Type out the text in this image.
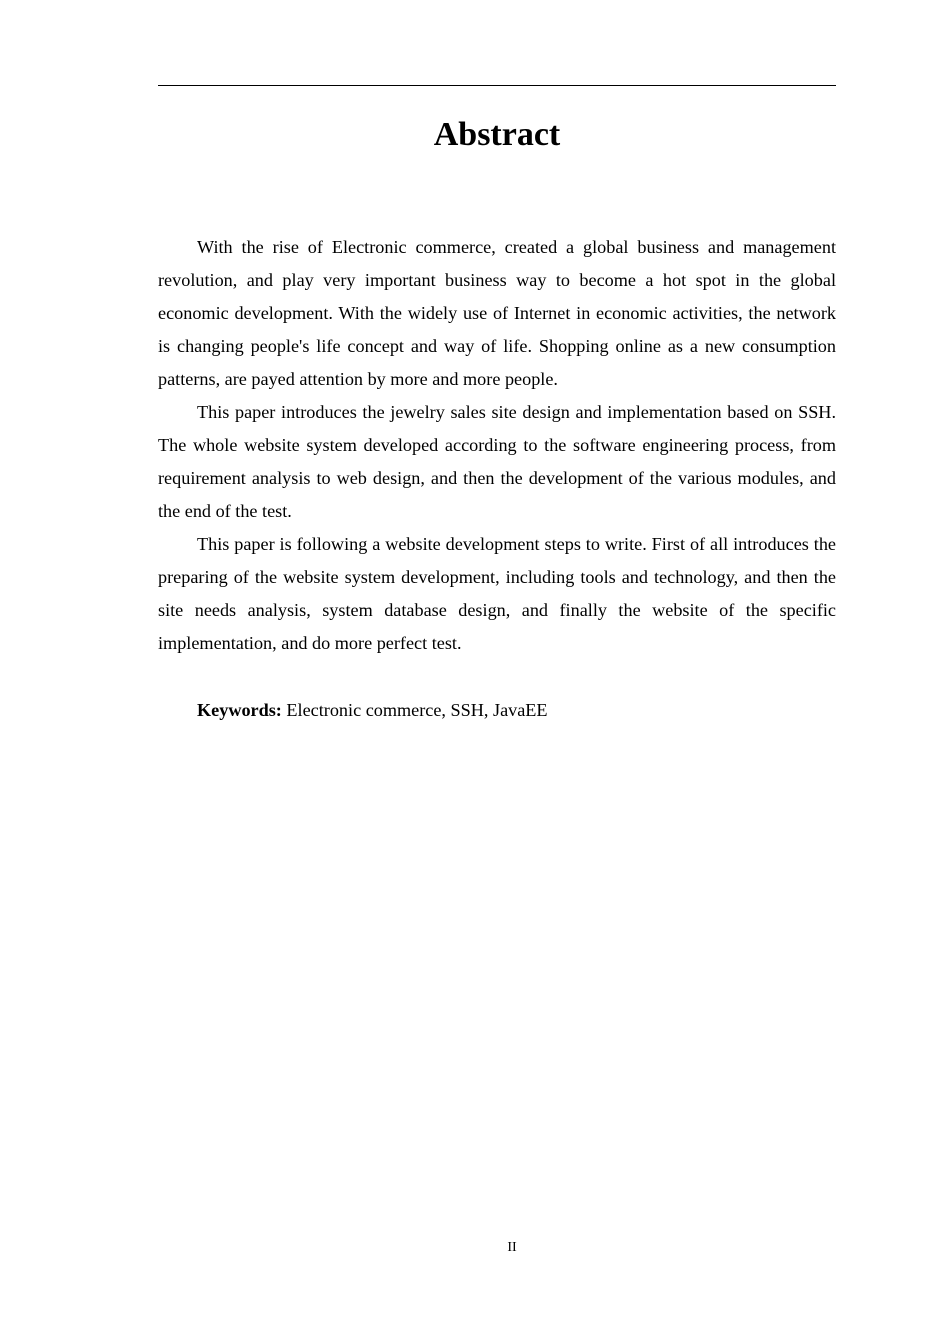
Abstract

With the rise of Electronic commerce, created a global business and management revolution, and play very important business way to become a hot spot in the global economic development. With the widely use of Internet in economic activities, the network is changing people's life concept and way of life. Shopping online as a new consumption patterns, are payed attention by more and more people.

This paper introduces the jewelry sales site design and implementation based on SSH. The whole website system developed according to the software engineering process, from requirement analysis to web design, and then the development of the various modules, and the end of the test.

This paper is following a website development steps to write. First of all introduces the preparing of the website system development, including tools and technology, and then the site needs analysis, system database design, and finally the website of the specific implementation, and do more perfect test.

Keywords: Electronic commerce, SSH, JavaEE

II
